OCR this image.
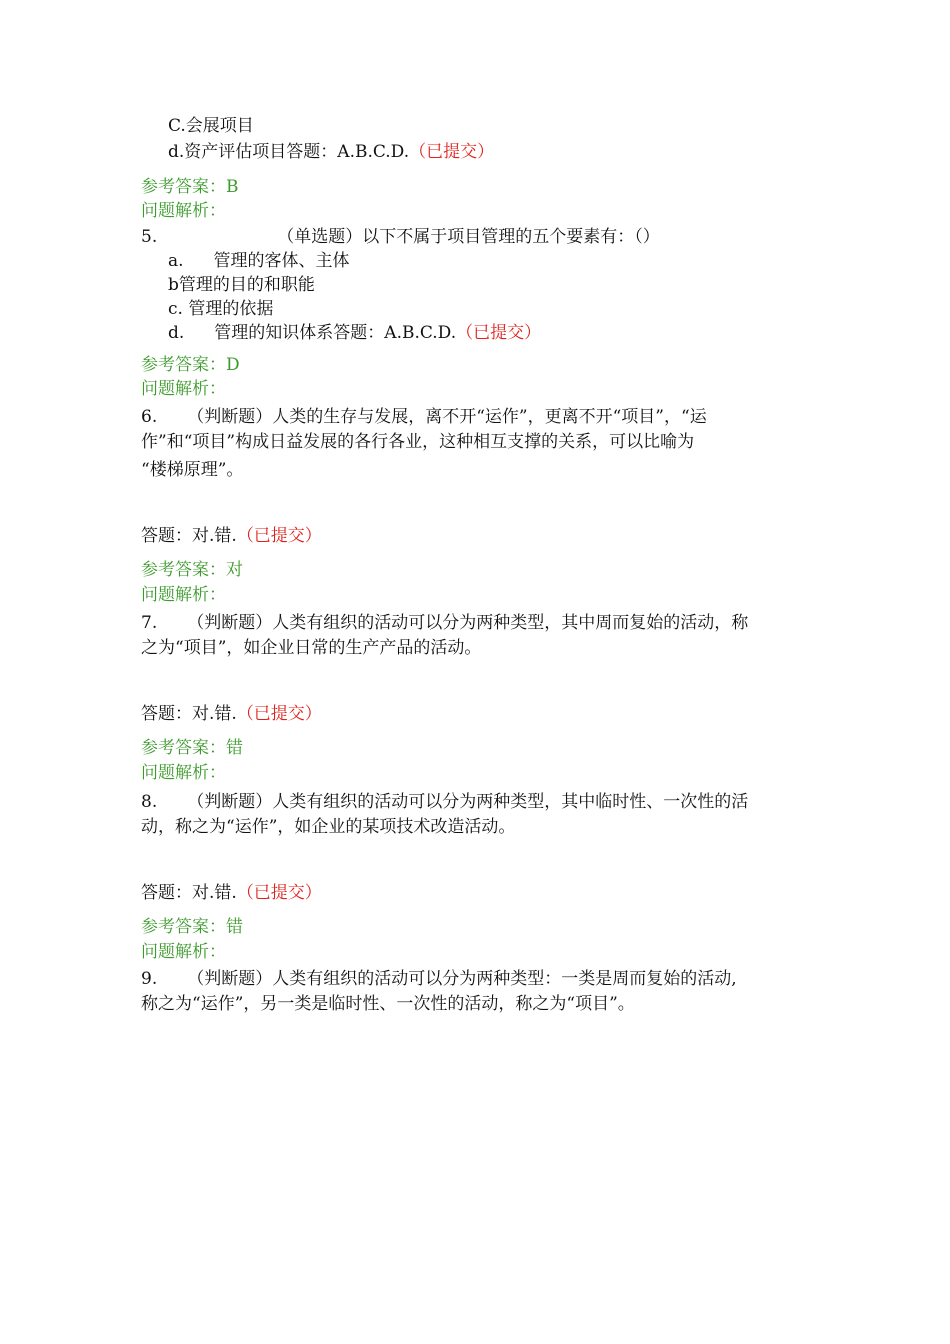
C.会展项目
d.资产评估项目答题：A.B.C.D.（已提交）
参考答案：B
问题解析：
5.	（单选题）以下不属于项目管理的五个要素有：（）
a. 管理的客体、主体
b管理的目的和职能
c. 管理的依据
d. 管理的知识体系答题：A.B.C.D.（已提交）
参考答案：D
问题解析：
6. （判断题）人类的生存与发展，离不开“运作”，更离不开“项目”，“运
作”和“项目”构成日益发展的各行各业，这种相互支撑的关系，可以比喻为
“楼梯原理”。
答题：对.错.（已提交）
参考答案：对
问题解析：
7. （判断题）人类有组织的活动可以分为两种类型，其中周而复始的活动，称
之为“项目”，如企业日常的生产产品的活动。
答题：对.错.（已提交）
参考答案：错
问题解析：
8. （判断题）人类有组织的活动可以分为两种类型，其中临时性、一次性的活
动，称之为“运作”，如企业的某项技术改造活动。
答题：对.错.（已提交）
参考答案：错
问题解析：
9. （判断题）人类有组织的活动可以分为两种类型：一类是周而复始的活动,
称之为“运作”，另一类是临时性、一次性的活动，称之为“项目”。
